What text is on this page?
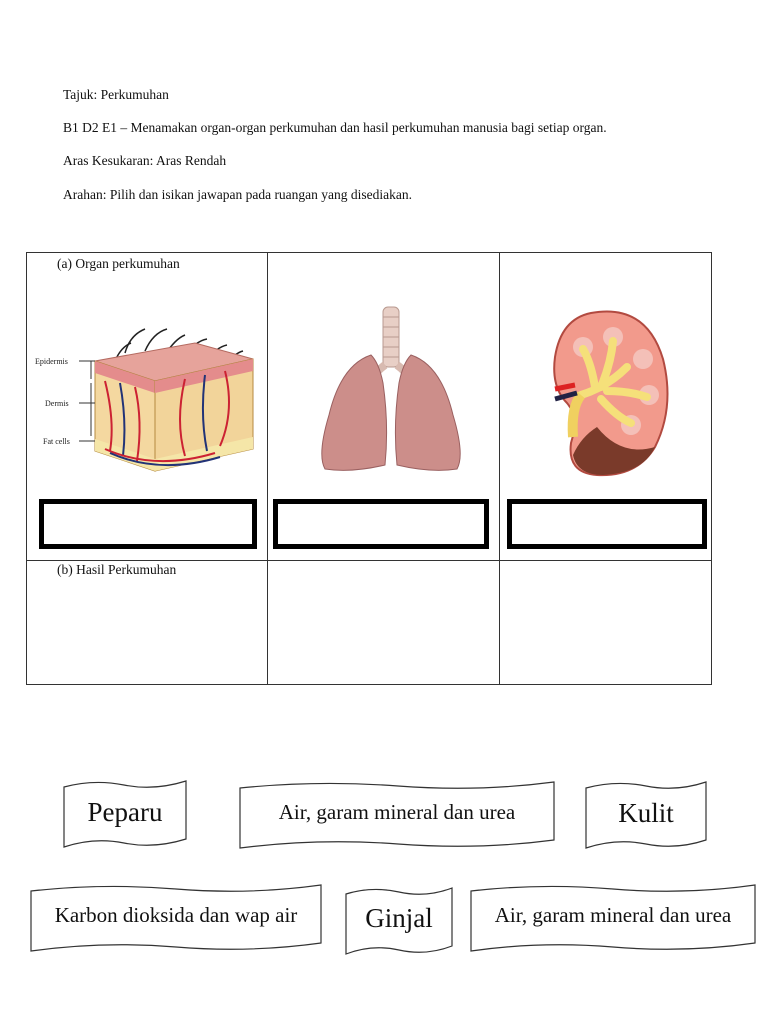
Tajuk: Perkumuhan
B1 D2 E1 – Menamakan organ-organ perkumuhan dan hasil perkumuhan manusia bagi setiap organ.
Aras Kesukaran: Aras Rendah
Arahan: Pilih dan isikan jawapan pada ruangan yang disediakan.
(a) Organ perkumuhan
(b) Hasil Perkumuhan
Epidermis
Dermis
Fat cells
Peparu	Air, garam mineral dan urea	Kulit
Karbon dioksida dan wap air	Ginjal	Air, garam mineral dan urea
